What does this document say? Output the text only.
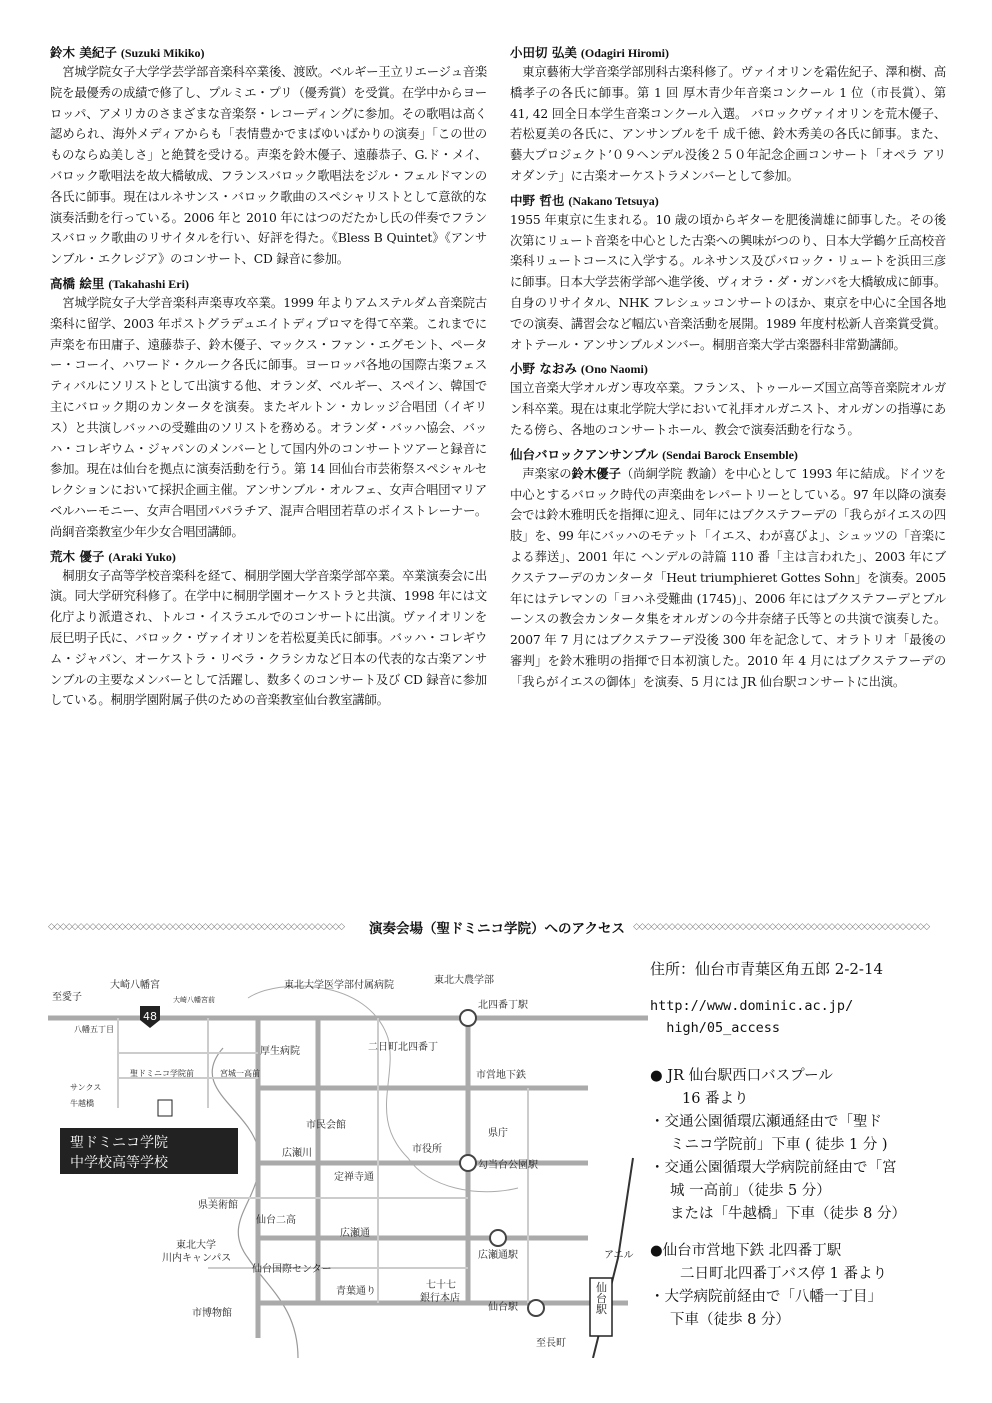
鈴木 美紀子 (Suzuki Mikiko)
宮城学院女子大学学芸学部音楽科卒業後、渡欧。ベルギー王立リエージュ音楽院を最優秀の成績で修了し、プルミエ・プリ（優秀賞）を受賞。在学中からヨーロッパ、アメリカのさまざまな音楽祭・レコーディングに参加。その歌唱は高く認められ、海外メディアからも「表情豊かでまばゆいばかりの演奏」「この世のものならぬ美しさ」と絶賛を受ける。声楽を鈴木優子、遠藤恭子、G.ド・メイ、バロック歌唱法を故大橋敏成、フランスバロック歌唱法をジル・フェルドマンの各氏に師事。現在はルネサンス・バロック歌曲のスペシャリストとして意欲的な演奏活動を行っている。2006 年と 2010 年にはつのだたかし氏の伴奏でフランスバロック歌曲のリサイタルを行い、好評を得た。《Bless B Quintet》《アンサンブル・エクレジア》のコンサート、CD 録音に参加。
高橋 絵里 (Takahashi Eri)
宮城学院女子大学音楽科声楽専攻卒業。1999 年よりアムステルダム音楽院古楽科に留学、2003 年ポストグラデュエイトディプロマを得て卒業。これまでに声楽を布田庸子、遠藤恭子、鈴木優子、マックス・ファン・エグモント、ペーター・コーイ、ハワード・クルーク各氏に師事。ヨーロッパ各地の国際古楽フェスティバルにソリストとして出演する他、オランダ、ベルギー、スペイン、韓国で主にバロック期のカンタータを演奏。またギルトン・カレッジ合唱団（イギリス）と共演しバッハの受難曲のソリストを務める。オランダ・バッハ協会、バッハ・コレギウム・ジャパンのメンバーとして国内外のコンサートツアーと録音に参加。現在は仙台を拠点に演奏活動を行う。第 14 回仙台市芸術祭スペシャルセレクションにおいて採択企画主催。アンサンブル・オルフェ、女声合唱団マリアベルハーモニー、女声合唱団パパラチア、混声合唱団若草のボイストレーナー。尚絅音楽教室少年少女合唱団講師。
荒木 優子 (Araki Yuko)
桐朋女子高等学校音楽科を経て、桐朋学園大学音楽学部卒業。卒業演奏会に出演。同大学研究科修了。在学中に桐朋学園オーケストラと共演、1998 年には文化庁より派遣され、トルコ・イスラエルでのコンサートに出演。ヴァイオリンを辰巳明子氏に、バロック・ヴァイオリンを若松夏美氏に師事。バッハ・コレギウム・ジャパン、オーケストラ・リベラ・クラシカなど日本の代表的な古楽アンサンブルの主要なメンバーとして活躍し、数多くのコンサート及び CD 録音に参加している。桐朋学園附属子供のための音楽教室仙台教室講師。
小田切 弘美 (Odagiri Hiromi)
東京藝術大学音楽学部別科古楽科修了。ヴァイオリンを霜佐紀子、澤和樹、高橋孝子の各氏に師事。第 1 回 厚木青少年音楽コンクール 1 位（市長賞）、第 41, 42 回全日本学生音楽コンクール入選。 バロックヴァイオリンを荒木優子、若松夏美の各氏に、アンサンブルを千 成千徳、鈴木秀美の各氏に師事。また、藝大プロジェクト’０９ヘンデル没後２５０年記念企画コンサート「オペラ アリオダンテ」に古楽オーケストラメンバーとして参加。
中野 哲也 (Nakano Tetsuya)
1955 年東京に生まれる。10 歳の頃からギターを肥後満雄に師事した。その後次第にリュート音楽を中心とした古楽への興味がつのり、日本大学鶴ケ丘高校音楽科リュートコースに入学する。ルネサンス及びバロック・リュートを浜田三彦に師事。日本大学芸術学部へ進学後、ヴィオラ・ダ・ガンバを大橋敏成に師事。自身のリサイタル、NHK フレシュッコンサートのほか、東京を中心に全国各地での演奏、講習会など幅広い音楽活動を展開。1989 年度村松新人音楽賞受賞。オトテール・アンサンブルメンバー。桐朋音楽大学古楽器科非常勤講師。
小野 なおみ (Ono Naomi)
国立音楽大学オルガン専攻卒業。フランス、トゥールーズ国立高等音楽院オルガン科卒業。現在は東北学院大学において礼拝オルガニスト、オルガンの指導にあたる傍ら、各地のコンサートホール、教会で演奏活動を行なう。
仙台バロックアンサンブル (Sendai Barock Ensemble)
声楽家の鈴木優子（尚絅学院 教諭）を中心として 1993 年に結成。ドイツを中心とするバロック時代の声楽曲をレパートリーとしている。97 年以降の演奏会では鈴木雅明氏を指揮に迎え、同年にはブクステフーデの「我らがイエスの四肢」を、99 年にバッハのモテット「イエス、わが喜びよ」、シュッツの「音楽による葬送」、2001 年に ヘンデルの詩篇 110 番「主は言われた」、2003 年にブクステフーデのカンタータ「Heut triumphieret Gottes Sohn」を演奏。2005 年にはテレマンの「ヨハネ受難曲 (1745)」、2006 年にはブクステフーデとブルーンスの教会カンタータ集をオルガンの今井奈緒子氏等との共演で演奏した。2007 年 7 月にはブクステフーデ没後 300 年を記念して、オラトリオ「最後の審判」を鈴木雅明の指揮で日本初演した。2010 年 4 月にはブクステフーデの「我らがイエスの御体」を演奏、5 月には JR 仙台駅コンサートに出演。
◇◇◇◇◇◇◇◇◇◇◇◇◇◇◇◇◇◇◇◇◇◇◇◇◇◇◇◇◇◇◇◇◇◇◇◇◇◇◇◇◇◇◇◇◇◇◇◇◇◇	演奏会場（聖ドミニコ学院）へのアクセス ◇◇◇◇◇◇◇◇◇◇◇◇◇◇◇◇◇◇◇◇◇◇◇◇◇◇◇◇◇◇◇◇◇◇◇◇◇◇◇◇◇◇◇◇◇◇◇◇◇◇
48
聖ドミニコ学院
中学校高等学校
至愛子
大崎八幡宮
大崎八幡宮前
八幡五丁目
東北大学医学部付属病院	東北大農学部
北四番丁駅
二日町北四番丁
厚生病院
聖ドミニコ学院前	宮城一高前
サンクス
牛越橋
市民会館
広瀬川
定禅寺通
市役所
県庁
勾当台公園駅
市営地下鉄
県美術館
仙台二高
広瀬通
広瀬通駅
東北大学
川内キャンパス
仙台国際センター
青葉通り
市博物館
七十七
銀行本店
仙台駅
アエル
至長町
仙台駅
住所：仙台市青葉区角五郎 2-2-14
http://www.dominic.ac.jp/
high/05_access
● JR 仙台駅西口バスプール
16 番より
・交通公園循環広瀬通経由で「聖ド
ミニコ学院前」下車 ( 徒歩 1 分 )
・交通公園循環大学病院前経由で「宮
城 一高前」（徒歩 5 分）
または「牛越橋」下車（徒歩 8 分）
●仙台市営地下鉄 北四番丁駅
二日町北四番丁バス停 1 番より
・大学病院前経由で「八幡一丁目」
下車（徒歩 8 分）
